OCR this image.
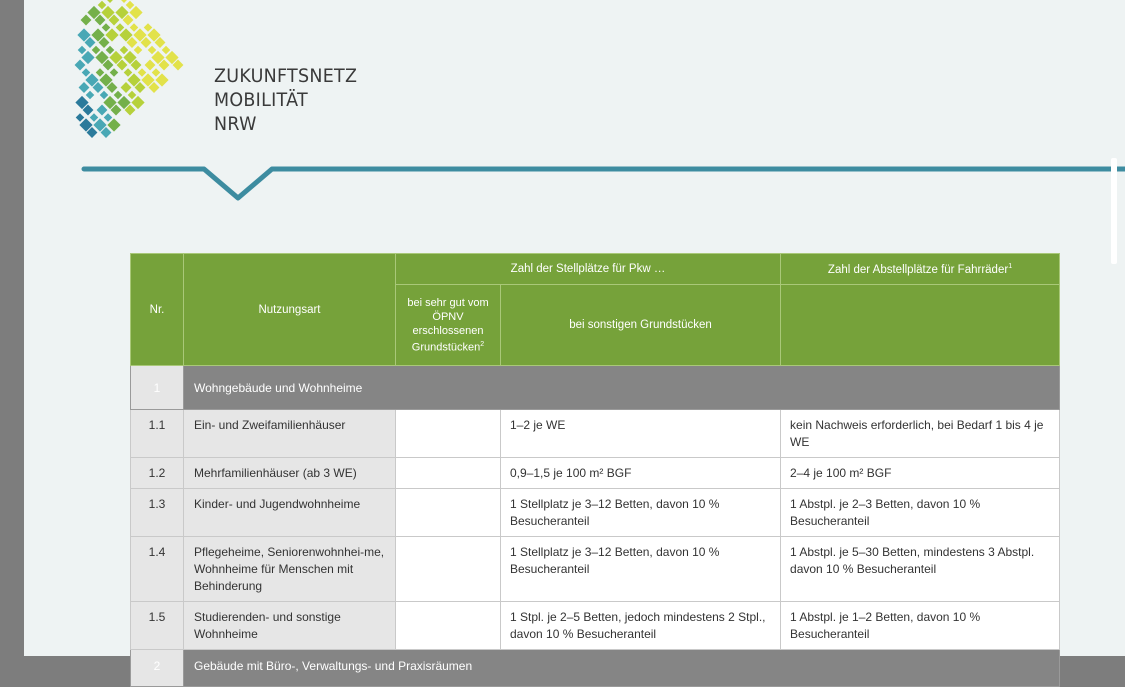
ZUKUNFTSNETZ
MOBILITÄT
NRW
Nr.	Nutzungsart	Zahl der Stellplätze für Pkw …		Zahl der Abstellplätze für Fahrräder$^1$
		bei sehr gut vom ÖPNV erschlossenen Grundstücken$^2$	bei sonstigen Grundstücken	
1	Wohngebäude und Wohnheime			
1.1	Ein- und Zweifamilienhäuser		1–2 je WE	kein Nachweis erforderlich, bei Bedarf 1 bis 4 je WE
1.2	Mehrfamilienhäuser (ab 3 WE)		0,9–1,5 je 100 m² BGF	2–4 je 100 m² BGF
1.3	Kinder- und Jugendwohnheime		1 Stellplatz je 3–12 Betten, davon 10 % Besucheranteil	1 Abstpl. je 2–3 Betten, davon 10 % Besucheranteil
1.4	Pflegeheime, Seniorenwohnhei-me, Wohnheime für Menschen mit Behinderung		1 Stellplatz je 3–12 Betten, davon 10 % Besucheranteil	1 Abstpl. je 5–30 Betten, mindestens 3 Abstpl. davon 10 % Besucheranteil
1.5	Studierenden- und sonstige Wohnheime		1 Stpl. je 2–5 Betten, jedoch mindestens 2 Stpl., davon 10 % Besucheranteil	1 Abstpl. je 1–2 Betten, davon 10 % Besucheranteil
2	Gebäude mit Büro-, Verwaltungs- und Praxisräumen			
